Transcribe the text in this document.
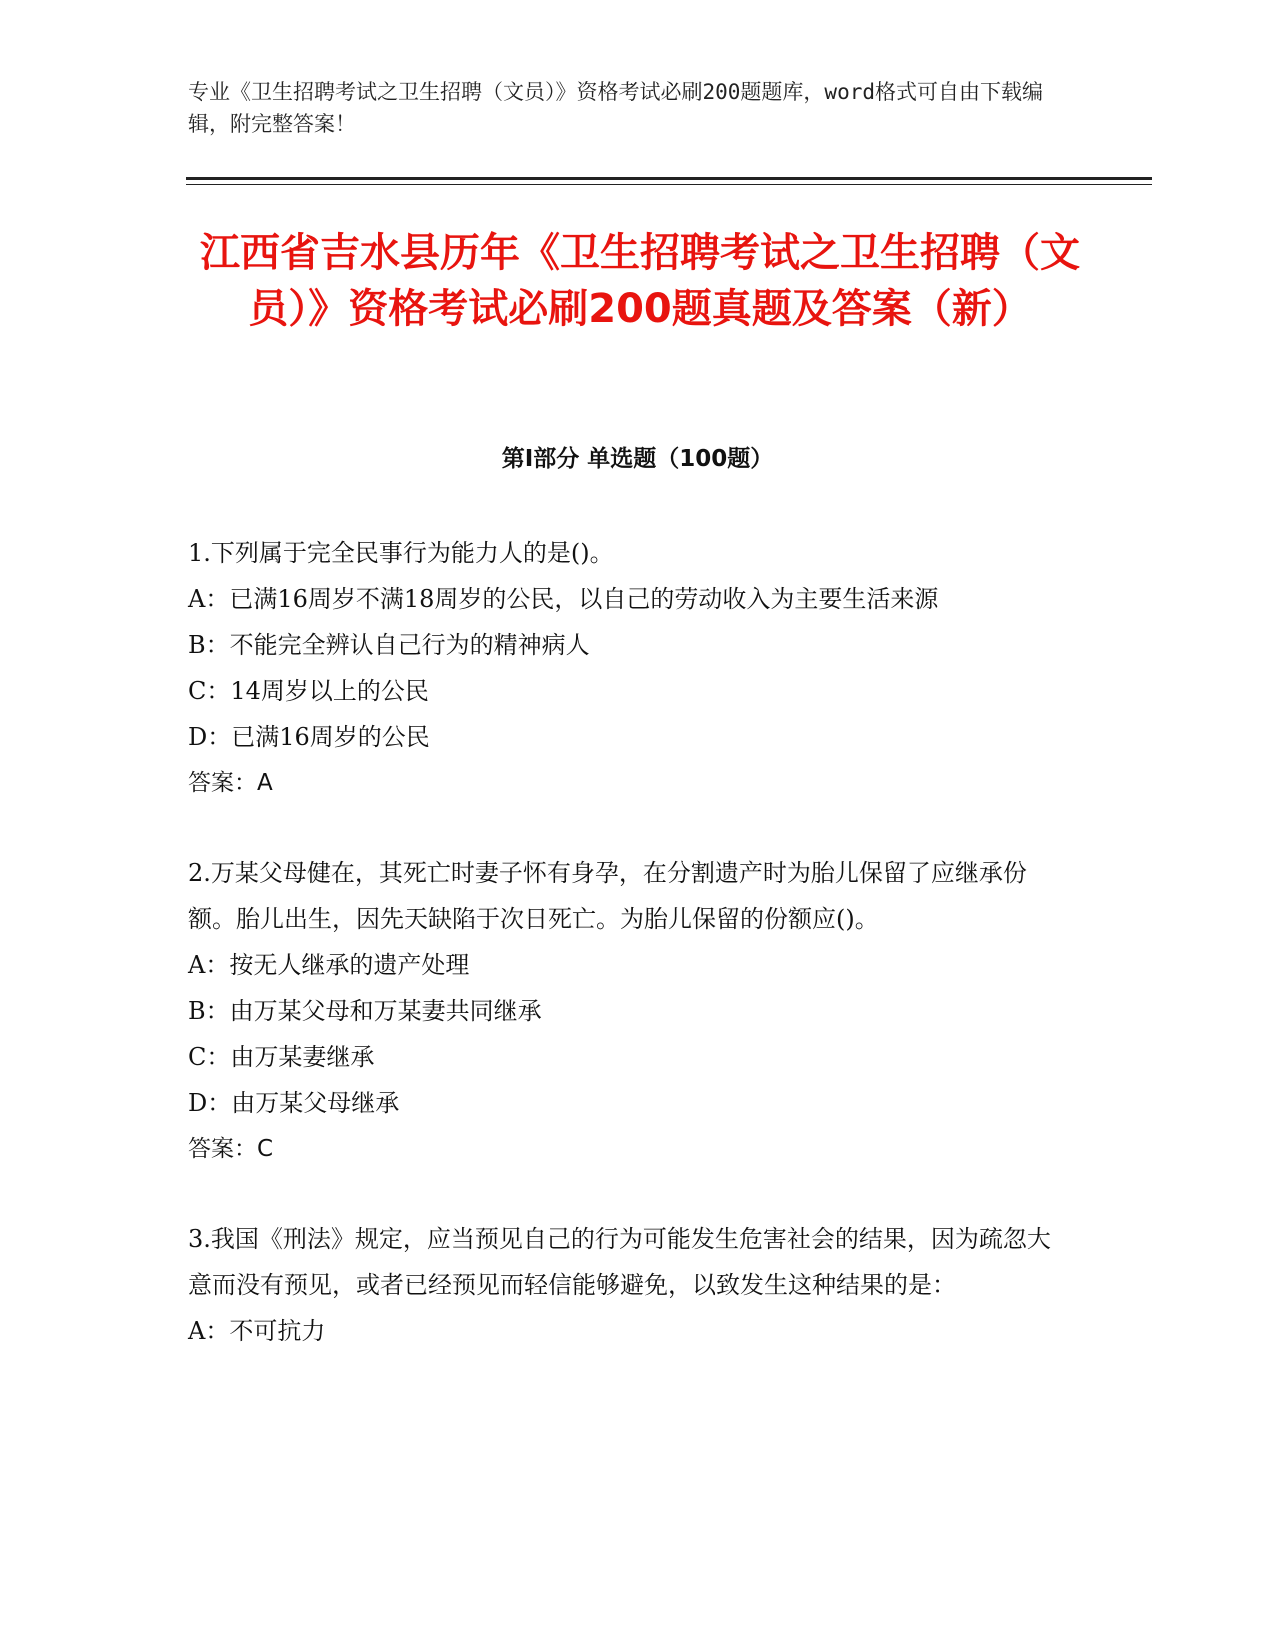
专业《卫生招聘考试之卫生招聘（文员）》资格考试必刷200题题库，word格式可自由下载编辑，附完整答案！
江西省吉水县历年《卫生招聘考试之卫生招聘（文员）》资格考试必刷200题真题及答案（新）
第Ⅰ部分 单选题（100题）

1.下列属于完全民事行为能力人的是()。

A：已满16周岁不满18周岁的公民，以自己的劳动收入为主要生活来源

B：不能完全辨认自己行为的精神病人

C：14周岁以上的公民

D：已满16周岁的公民

答案：A

2.万某父母健在，其死亡时妻子怀有身孕，在分割遗产时为胎儿保留了应继承份额。胎儿出生，因先天缺陷于次日死亡。为胎儿保留的份额应()。

A：按无人继承的遗产处理

B：由万某父母和万某妻共同继承

C：由万某妻继承

D：由万某父母继承

答案：C

3.我国《刑法》规定，应当预见自己的行为可能发生危害社会的结果，因为疏忽大意而没有预见，或者已经预见而轻信能够避免，以致发生这种结果的是：

A：不可抗力
